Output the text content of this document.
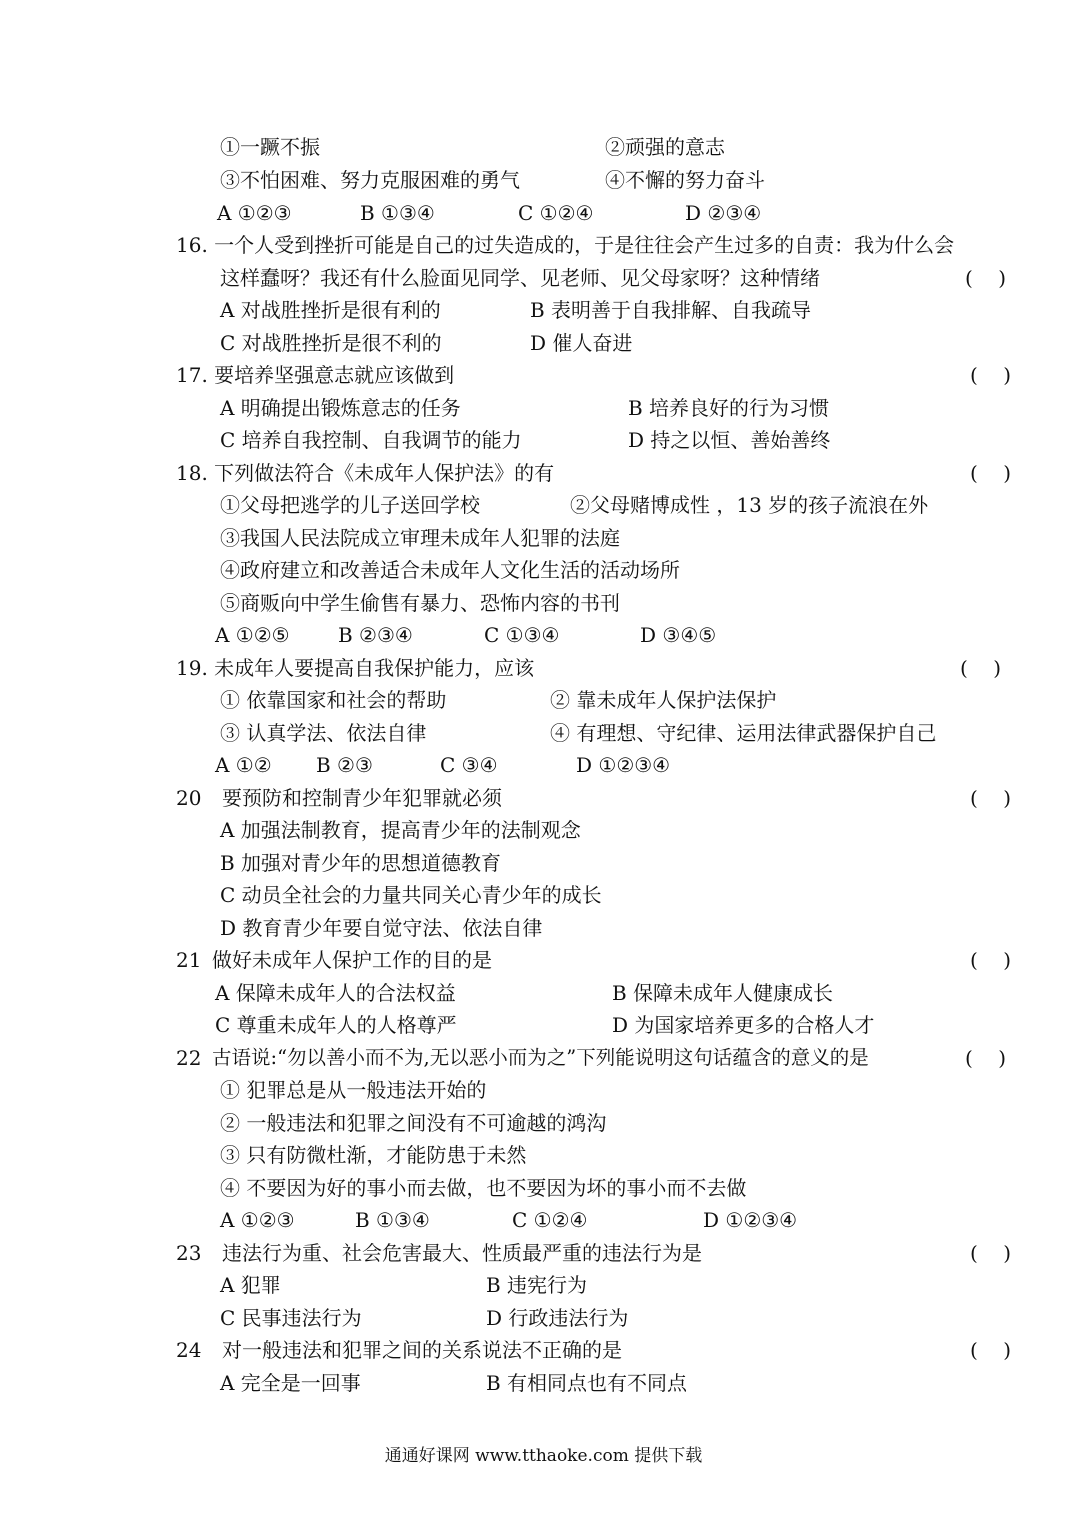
①一蹶不振	②顽强的意志
③不怕困难、努力克服困难的勇气	④不懈的努力奋斗
A ①②③	B ①③④	C ①②④	D ②③④
16. 一个人受到挫折可能是自己的过失造成的，于是往往会产生过多的自责：我为什么会
这样蠢呀？我还有什么脸面见同学、见老师、见父母家呀？这种情绪	(    )
A 对战胜挫折是很有利的	B 表明善于自我排解、自我疏导
C 对战胜挫折是很不利的	D 催人奋进
17. 要培养坚强意志就应该做到	(    )
A 明确提出锻炼意志的任务	B 培养良好的行为习惯
C 培养自我控制、自我调节的能力	D 持之以恒、善始善终
18. 下列做法符合《未成年人保护法》的有	(    )
①父母把逃学的儿子送回学校	②父母赌博成性 ，13 岁的孩子流浪在外
③我国人民法院成立审理未成年人犯罪的法庭
④政府建立和改善适合未成年人文化生活的活动场所
⑤商贩向中学生偷售有暴力、恐怖内容的书刊
A ①②⑤ B ②③④	C ①③④	D ③④⑤
19. 未成年人要提高自我保护能力，应该	(    )
① 依靠国家和社会的帮助	② 靠未成年人保护法保护
③ 认真学法、依法自律	④ 有理想、守纪律、运用法律武器保护自己
A ①② B ②③	C ③④	D ①②③④
20 要预防和控制青少年犯罪就必须	(    )
A 加强法制教育，提高青少年的法制观念
B 加强对青少年的思想道德教育
C 动员全社会的力量共同关心青少年的成长
D 教育青少年要自觉守法、依法自律
21 做好未成年人保护工作的目的是	(    )
A 保障未成年人的合法权益	B 保障未成年人健康成长
C 尊重未成年人的人格尊严	D 为国家培养更多的合格人才
22 古语说:“勿以善小而不为,无以恶小而为之”下列能说明这句话蕴含的意义的是	(    )
① 犯罪总是从一般违法开始的
② 一般违法和犯罪之间没有不可逾越的鸿沟
③ 只有防微杜渐，才能防患于未然
④ 不要因为好的事小而去做，也不要因为坏的事小而不去做
A ①②③	B ①③④	C ①②④	D ①②③④
23 违法行为重、社会危害最大、性质最严重的违法行为是	(    )
A 犯罪	B 违宪行为
C 民事违法行为	D 行政违法行为
24 对一般违法和犯罪之间的关系说法不正确的是	(    )
A 完全是一回事	B 有相同点也有不同点
通通好课网 www.tthaoke.com 提供下载
